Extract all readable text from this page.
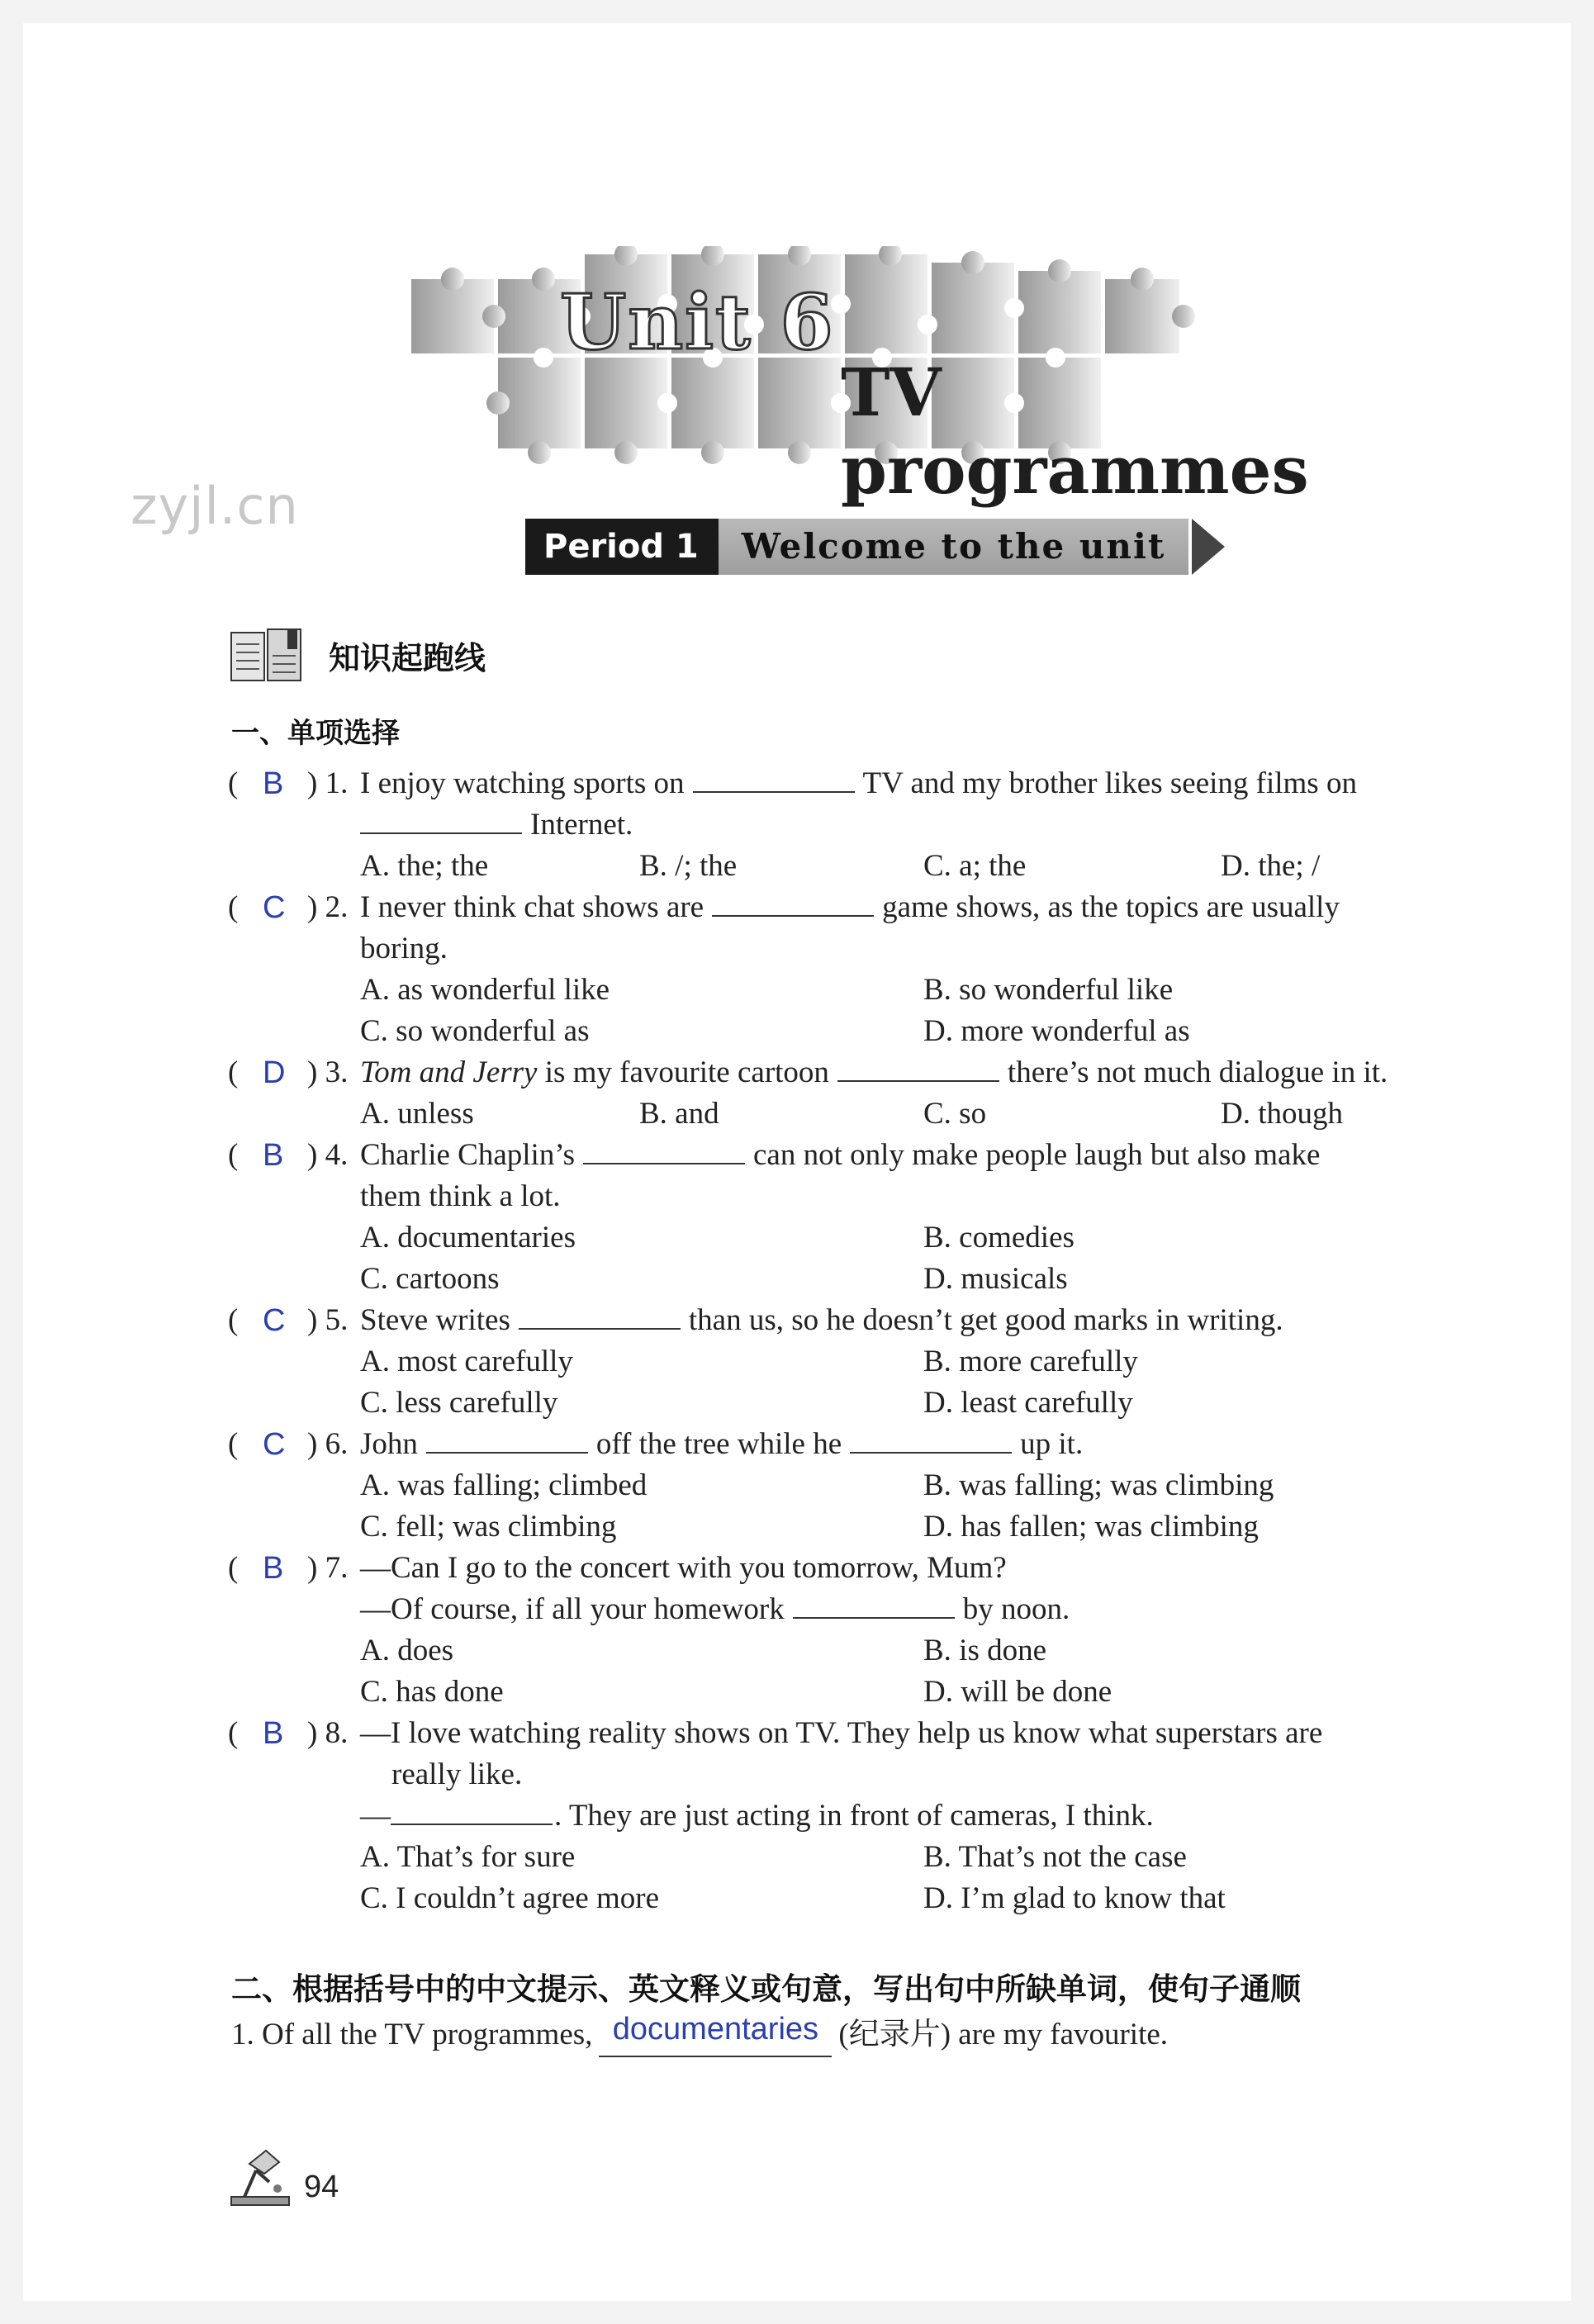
Unit 6
TV programmes
zyjl.cn
Period 1	Welcome to the unit
知识起跑线
一、单项选择
( B ) 1. I enjoy watching sports on	TV and my brother likes seeing films on
Internet.
A. the; the	B. /; the	C. a; the	D. the; /
( C ) 2. I never think chat shows are	game shows, as the topics are usually
boring.
A. as wonderful like	B. so wonderful like
C. so wonderful as	D. more wonderful as
( D ) 3. Tom and Jerry is my favourite cartoon	there’s not much dialogue in it.
A. unless	B. and	C. so	D. though
( B ) 4. Charlie Chaplin’s	can not only make people laugh but also make
them think a lot.
A. documentaries	B. comedies
C. cartoons	D. musicals
( C ) 5. Steve writes	than us, so he doesn’t get good marks in writing.
A. most carefully	B. more carefully
C. less carefully	D. least carefully
( C ) 6. John	off the tree while he	up it.
A. was falling; climbed	B. was falling; was climbing
C. fell; was climbing	D. has fallen; was climbing
( B ) 7. —Can I go to the concert with you tomorrow, Mum?
—Of course, if all your homework	by noon.
A. does	B. is done
C. has done	D. will be done
( B ) 8. —I love watching reality shows on TV. They help us know what superstars are
really like.
—	. They are just acting in front of cameras, I think.
A. That’s for sure	B. That’s not the case
C. I couldn’t agree more	D. I’m glad to know that
二、根据括号中的中文提示、英文释义或句意，写出句中所缺单词，使句子通顺
1. Of all the TV programmes, documentaries (纪录片) are my favourite.
94
